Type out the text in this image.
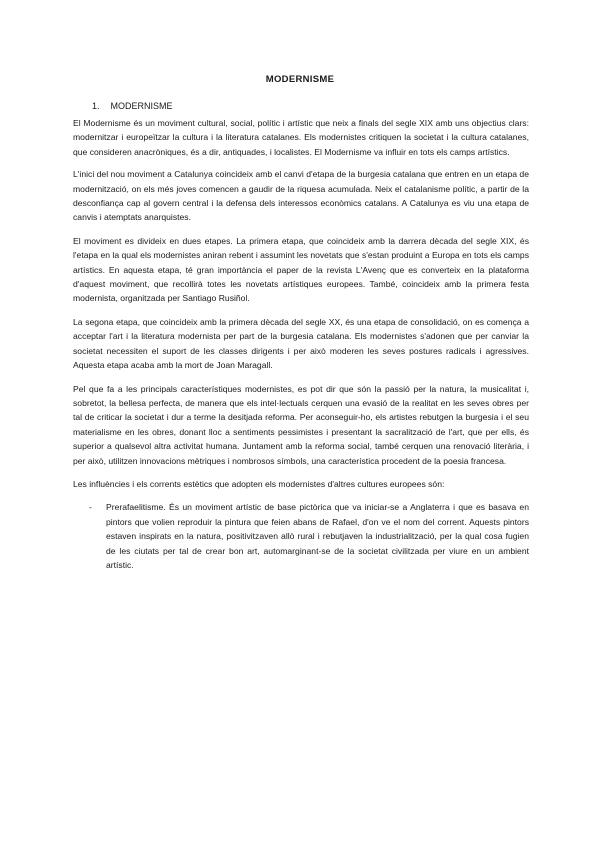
MODERNISME
1. MODERNISME

El Modernisme és un moviment cultural, social, polític i artístic que neix a finals del segle XIX amb uns objectius clars: modernitzar i europeïtzar la cultura i la literatura catalanes. Els modernistes critiquen la societat i la cultura catalanes, que consideren anacròniques, és a dir, antiquades, i localistes. El Modernisme va influir en tots els camps artístics.

L'inici del nou moviment a Catalunya coincideix amb el canvi d'etapa de la burgesia catalana que entren en un etapa de modernització, on els més joves comencen a gaudir de la riquesa acumulada. Neix el catalanisme polític, a partir de la desconfiança cap al govern central i la defensa dels interessos econòmics catalans. A Catalunya es viu una etapa de canvis i atemptats anarquistes.

El moviment es divideix en dues etapes. La primera etapa, que coincideix amb la darrera dècada del segle XIX, és l'etapa en la qual els modernistes aniran rebent i assumint les novetats que s'estan produint a Europa en tots els camps artístics. En aquesta etapa, té gran importància el paper de la revista L'Avenç que es converteix en la plataforma d'aquest moviment, que recollirà totes les novetats artístiques europees. També, coincideix amb la primera festa modernista, organitzada per Santiago Rusiñol.

La segona etapa, que coincideix amb la primera dècada del segle XX, és una etapa de consolidació, on es comença a acceptar l'art i la literatura modernista per part de la burgesia catalana. Els modernistes s'adonen que per canviar la societat necessiten el suport de les classes dirigents i per això moderen les seves postures radicals i agressives. Aquesta etapa acaba amb la mort de Joan Maragall.

Pel que fa a les principals característiques modernistes, es pot dir que són la passió per la natura, la musicalitat i, sobretot, la bellesa perfecta, de manera que els intel·lectuals cerquen una evasió de la realitat en les seves obres per tal de criticar la societat i dur a terme la desitjada reforma. Per aconseguir-ho, els artistes rebutgen la burgesia i el seu materialisme en les obres, donant lloc a sentiments pessimistes i presentant la sacralització de l'art, que per ells, és superior a qualsevol altra activitat humana. Juntament amb la reforma social, també cerquen una renovació literària, i per això, utilitzen innovacions mètriques i nombrosos símbols, una característica procedent de la poesia francesa.

Les influències i els corrents estètics que adopten els modernistes d'altres cultures europees són:

- Prerafaelitisme. És un moviment artístic de base pictòrica que va iniciar-se a Anglaterra i que es basava en pintors que volien reproduir la pintura que feien abans de Rafael, d'on ve el nom del corrent. Aquests pintors estaven inspirats en la natura, positivitzaven allò rural i rebutjaven la industrialització, per la qual cosa fugien de les ciutats per tal de crear bon art, automarginant-se de la societat civilitzada per viure en un ambient artístic.
